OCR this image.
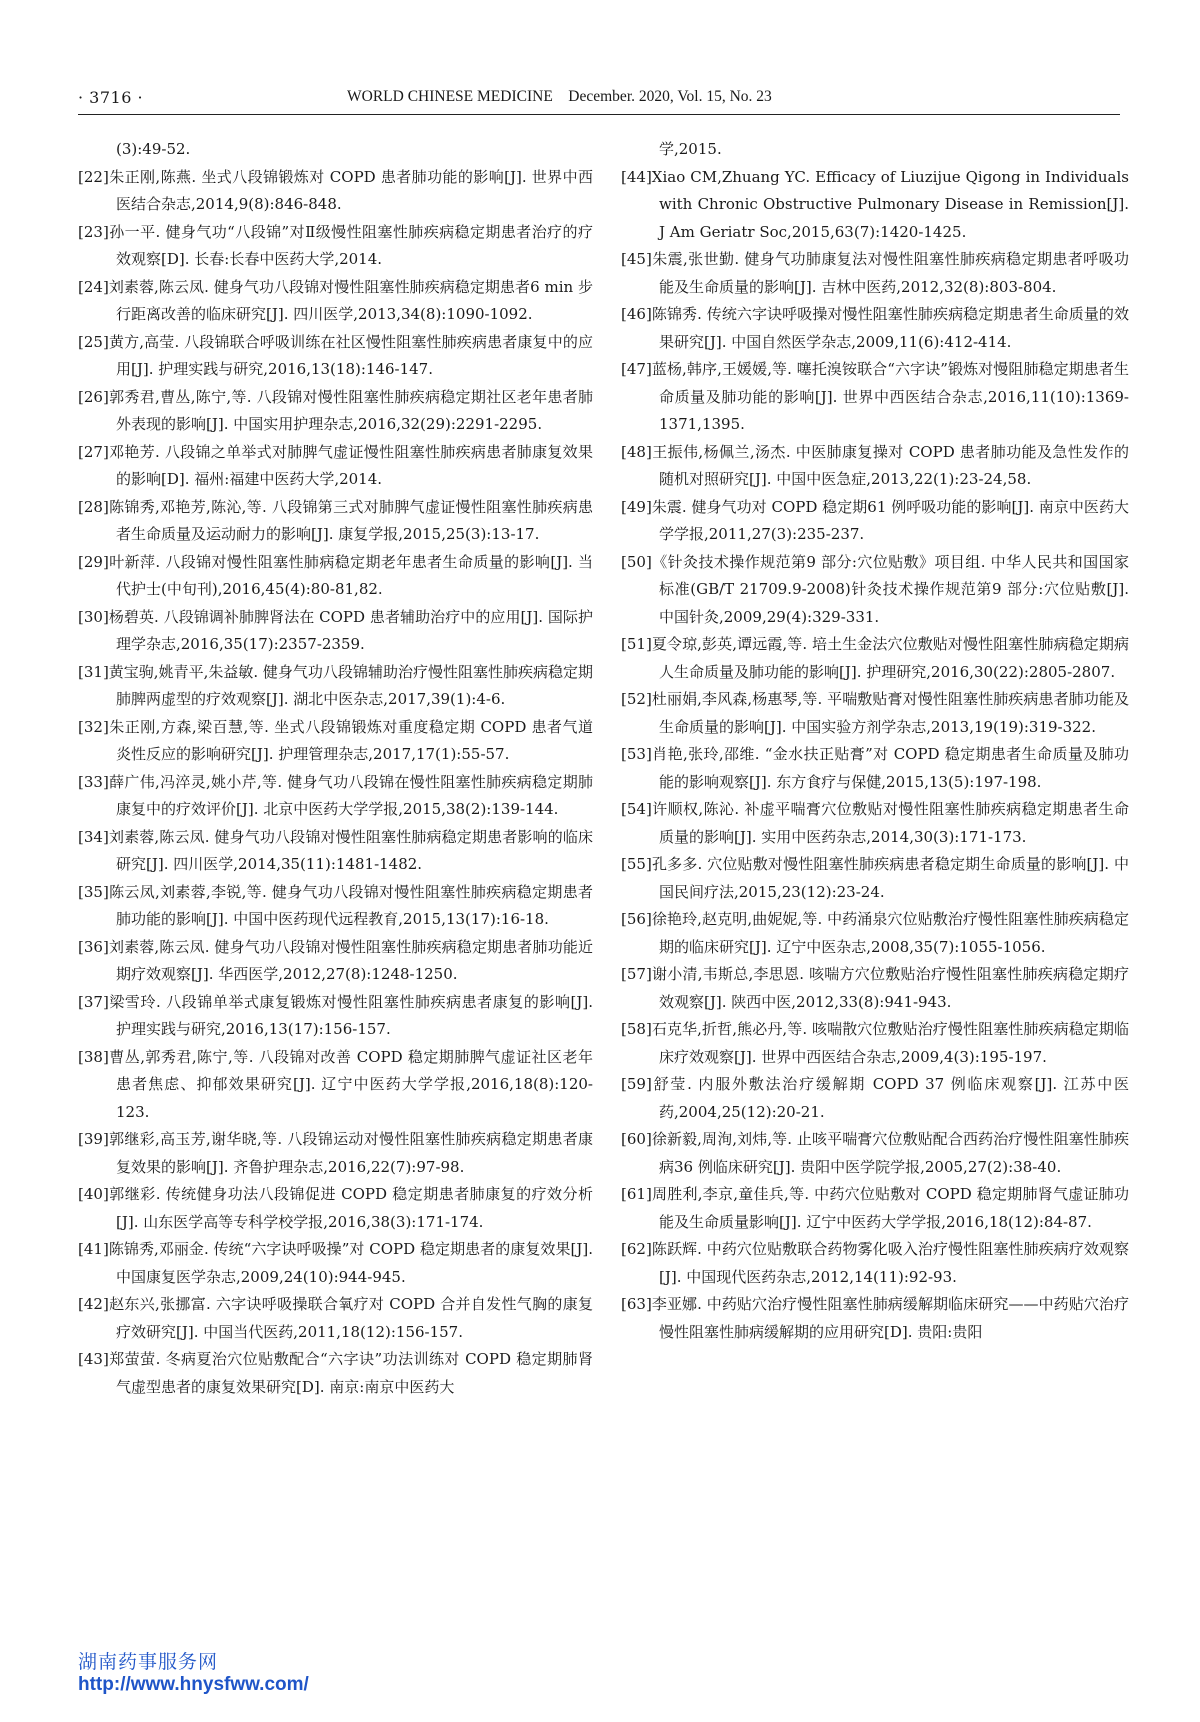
· 3716 ·	WORLD CHINESE MEDICINE December. 2020, Vol. 15, No. 23

(3):49-52.

[22]朱正刚,陈燕. 坐式八段锦锻炼对 COPD 患者肺功能的影响[J]. 世界中西医结合杂志,2014,9(8):846-848.

[23]孙一平. 健身气功“八段锦”对Ⅱ级慢性阻塞性肺疾病稳定期患者治疗的疗效观察[D]. 长春:长春中医药大学,2014.

[24]刘素蓉,陈云凤. 健身气功八段锦对慢性阻塞性肺疾病稳定期患者6 min 步行距离改善的临床研究[J]. 四川医学,2013,34(8):1090-1092.

[25]黄方,高莹. 八段锦联合呼吸训练在社区慢性阻塞性肺疾病患者康复中的应用[J]. 护理实践与研究,2016,13(18):146-147.

[26]郭秀君,曹丛,陈宁,等. 八段锦对慢性阻塞性肺疾病稳定期社区老年患者肺外表现的影响[J]. 中国实用护理杂志,2016,32(29):2291-2295.

[27]邓艳芳. 八段锦之单举式对肺脾气虚证慢性阻塞性肺疾病患者肺康复效果的影响[D]. 福州:福建中医药大学,2014.

[28]陈锦秀,邓艳芳,陈沁,等. 八段锦第三式对肺脾气虚证慢性阻塞性肺疾病患者生命质量及运动耐力的影响[J]. 康复学报,2015,25(3):13-17.

[29]叶新萍. 八段锦对慢性阻塞性肺病稳定期老年患者生命质量的影响[J]. 当代护士(中旬刊),2016,45(4):80-81,82.

[30]杨碧英. 八段锦调补肺脾肾法在 COPD 患者辅助治疗中的应用[J]. 国际护理学杂志,2016,35(17):2357-2359.

[31]黄宝驹,姚青平,朱益敏. 健身气功八段锦辅助治疗慢性阻塞性肺疾病稳定期肺脾两虚型的疗效观察[J]. 湖北中医杂志,2017,39(1):4-6.

[32]朱正刚,方森,梁百慧,等. 坐式八段锦锻炼对重度稳定期 COPD 患者气道炎性反应的影响研究[J]. 护理管理杂志,2017,17(1):55-57.

[33]薛广伟,冯淬灵,姚小芹,等. 健身气功八段锦在慢性阻塞性肺疾病稳定期肺康复中的疗效评价[J]. 北京中医药大学学报,2015,38(2):139-144.

[34]刘素蓉,陈云凤. 健身气功八段锦对慢性阻塞性肺病稳定期患者影响的临床研究[J]. 四川医学,2014,35(11):1481-1482.

[35]陈云凤,刘素蓉,李锐,等. 健身气功八段锦对慢性阻塞性肺疾病稳定期患者肺功能的影响[J]. 中国中医药现代远程教育,2015,13(17):16-18.

[36]刘素蓉,陈云凤. 健身气功八段锦对慢性阻塞性肺疾病稳定期患者肺功能近期疗效观察[J]. 华西医学,2012,27(8):1248-1250.

[37]梁雪玲. 八段锦单举式康复锻炼对慢性阻塞性肺疾病患者康复的影响[J]. 护理实践与研究,2016,13(17):156-157.

[38]曹丛,郭秀君,陈宁,等. 八段锦对改善 COPD 稳定期肺脾气虚证社区老年患者焦虑、抑郁效果研究[J]. 辽宁中医药大学学报,2016,18(8):120-123.

[39]郭继彩,高玉芳,谢华晓,等. 八段锦运动对慢性阻塞性肺疾病稳定期患者康复效果的影响[J]. 齐鲁护理杂志,2016,22(7):97-98.

[40]郭继彩. 传统健身功法八段锦促进 COPD 稳定期患者肺康复的疗效分析[J]. 山东医学高等专科学校学报,2016,38(3):171-174.

[41]陈锦秀,邓丽金. 传统“六字诀呼吸操”对 COPD 稳定期患者的康复效果[J]. 中国康复医学杂志,2009,24(10):944-945.

[42]赵东兴,张挪富. 六字诀呼吸操联合氧疗对 COPD 合并自发性气胸的康复疗效研究[J]. 中国当代医药,2011,18(12):156-157.

[43]郑萤萤. 冬病夏治穴位贴敷配合“六字诀”功法训练对 COPD 稳定期肺肾气虚型患者的康复效果研究[D]. 南京:南京中医药大

学,2015.

[44]Xiao CM,Zhuang YC. Efficacy of Liuzijue Qigong in Individuals with Chronic Obstructive Pulmonary Disease in Remission[J]. J Am Geriatr Soc,2015,63(7):1420-1425.

[45]朱震,张世勤. 健身气功肺康复法对慢性阻塞性肺疾病稳定期患者呼吸功能及生命质量的影响[J]. 吉林中医药,2012,32(8):803-804.

[46]陈锦秀. 传统六字诀呼吸操对慢性阻塞性肺疾病稳定期患者生命质量的效果研究[J]. 中国自然医学杂志,2009,11(6):412-414.

[47]蓝杨,韩序,王媛媛,等. 噻托溴铵联合“六字诀”锻炼对慢阻肺稳定期患者生命质量及肺功能的影响[J]. 世界中西医结合杂志,2016,11(10):1369-1371,1395.

[48]王振伟,杨佩兰,汤杰. 中医肺康复操对 COPD 患者肺功能及急性发作的随机对照研究[J]. 中国中医急症,2013,22(1):23-24,58.

[49]朱震. 健身气功对 COPD 稳定期61 例呼吸功能的影响[J]. 南京中医药大学学报,2011,27(3):235-237.

[50]《针灸技术操作规范第9 部分:穴位贴敷》项目组. 中华人民共和国国家标准(GB/T 21709.9-2008)针灸技术操作规范第9 部分:穴位贴敷[J]. 中国针灸,2009,29(4):329-331.

[51]夏令琼,彭英,谭远霞,等. 培土生金法穴位敷贴对慢性阻塞性肺病稳定期病人生命质量及肺功能的影响[J]. 护理研究,2016,30(22):2805-2807.

[52]杜丽娟,李风森,杨惠琴,等. 平喘敷贴膏对慢性阻塞性肺疾病患者肺功能及生命质量的影响[J]. 中国实验方剂学杂志,2013,19(19):319-322.

[53]肖艳,张玲,邵维. “金水扶正贴膏”对 COPD 稳定期患者生命质量及肺功能的影响观察[J]. 东方食疗与保健,2015,13(5):197-198.

[54]许顺权,陈沁. 补虚平喘膏穴位敷贴对慢性阻塞性肺疾病稳定期患者生命质量的影响[J]. 实用中医药杂志,2014,30(3):171-173.

[55]孔多多. 穴位贴敷对慢性阻塞性肺疾病患者稳定期生命质量的影响[J]. 中国民间疗法,2015,23(12):23-24.

[56]徐艳玲,赵克明,曲妮妮,等. 中药涌泉穴位贴敷治疗慢性阻塞性肺疾病稳定期的临床研究[J]. 辽宁中医杂志,2008,35(7):1055-1056.

[57]谢小清,韦斯总,李思恩. 咳喘方穴位敷贴治疗慢性阻塞性肺疾病稳定期疗效观察[J]. 陕西中医,2012,33(8):941-943.

[58]石克华,折哲,熊必丹,等. 咳喘散穴位敷贴治疗慢性阻塞性肺疾病稳定期临床疗效观察[J]. 世界中西医结合杂志,2009,4(3):195-197.

[59]舒莹. 内服外敷法治疗缓解期 COPD 37 例临床观察[J]. 江苏中医药,2004,25(12):20-21.

[60]徐新毅,周洵,刘炜,等. 止咳平喘膏穴位敷贴配合西药治疗慢性阻塞性肺疾病36 例临床研究[J]. 贵阳中医学院学报,2005,27(2):38-40.

[61]周胜利,李京,童佳兵,等. 中药穴位贴敷对 COPD 稳定期肺肾气虚证肺功能及生命质量影响[J]. 辽宁中医药大学学报,2016,18(12):84-87.

[62]陈跃辉. 中药穴位贴敷联合药物雾化吸入治疗慢性阻塞性肺疾病疗效观察[J]. 中国现代医药杂志,2012,14(11):92-93.

[63]李亚娜. 中药贴穴治疗慢性阻塞性肺病缓解期临床研究——中药贴穴治疗慢性阻塞性肺病缓解期的应用研究[D]. 贵阳:贵阳

湖南药事服务网
http://www.hnysfww.com/
